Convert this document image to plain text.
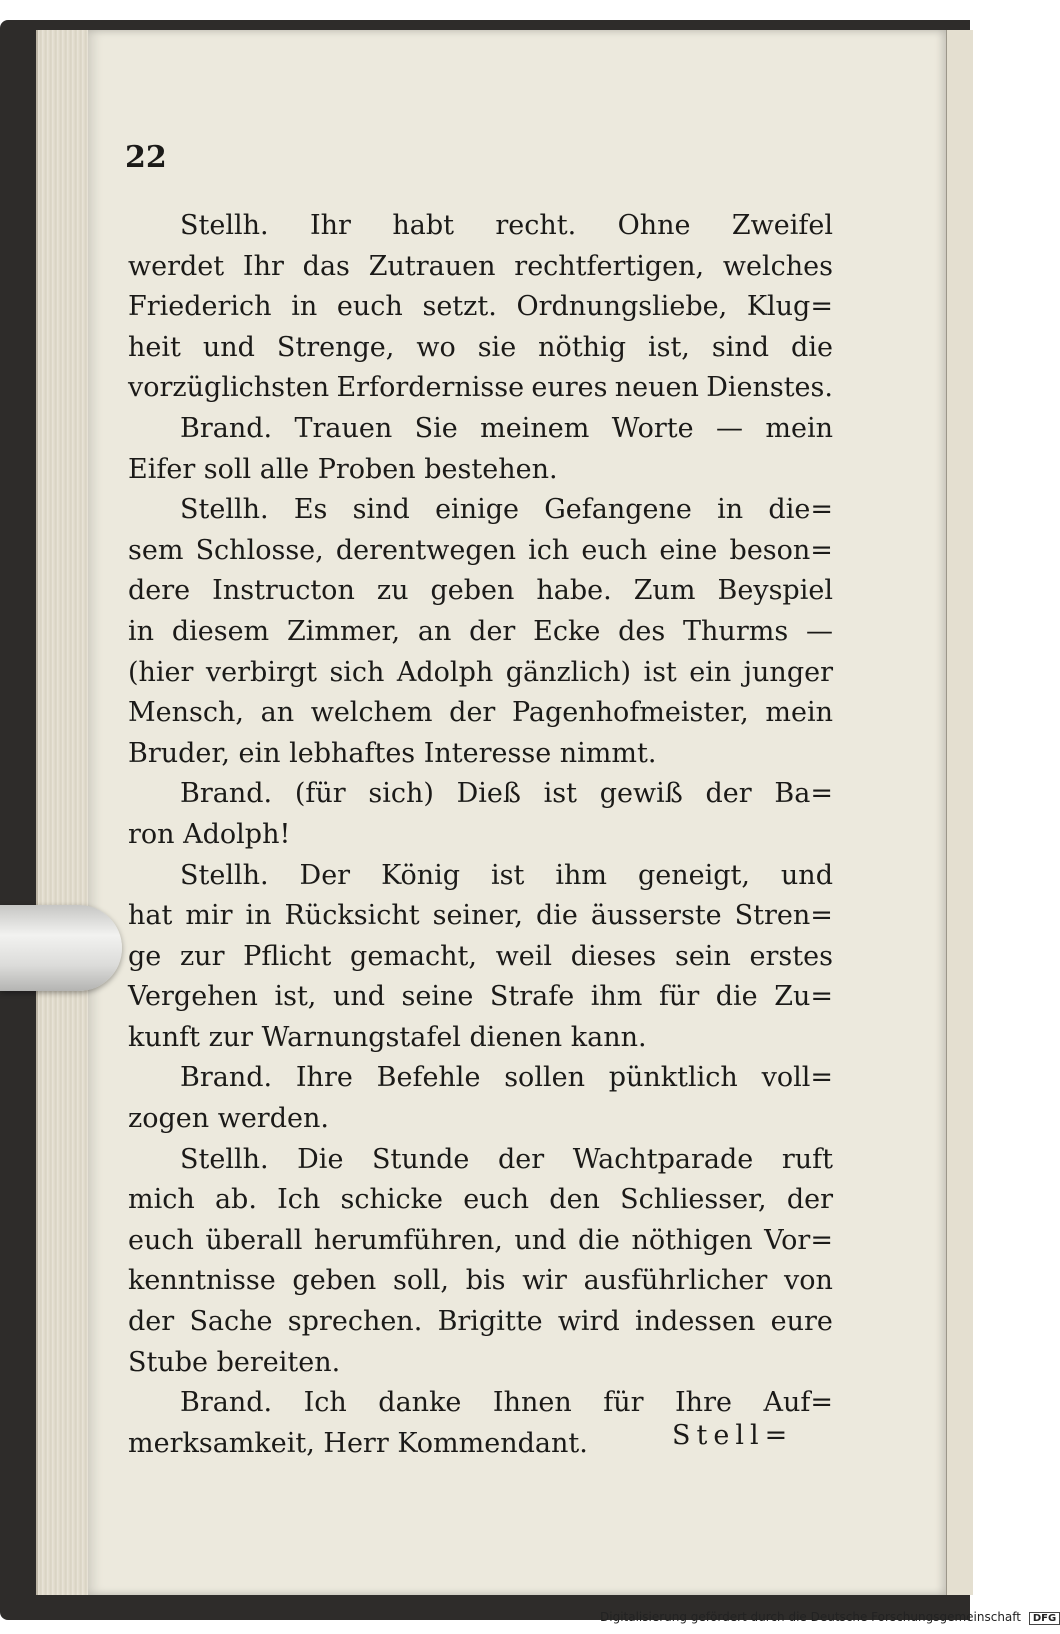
22
Stellh. Ihr habt recht. Ohne Zweifel
werdet Ihr das Zutrauen rechtfertigen, welches
Friederich in euch setzt. Ordnungsliebe, Klug=
heit und Strenge, wo sie nöthig ist, sind die
vorzüglichsten Erfordernisse eures neuen Dienstes.
Brand. Trauen Sie meinem Worte — mein
Eifer soll alle Proben bestehen.
Stellh. Es sind einige Gefangene in die=
sem Schlosse, derentwegen ich euch eine beson=
dere Instructon zu geben habe. Zum Beyspiel
in diesem Zimmer, an der Ecke des Thurms —
(hier verbirgt sich Adolph gänzlich) ist ein junger
Mensch, an welchem der Pagenhofmeister, mein
Bruder, ein lebhaftes Interesse nimmt.
Brand. (für sich) Dieß ist gewiß der Ba=
ron Adolph!
Stellh. Der König ist ihm geneigt, und
hat mir in Rücksicht seiner, die äusserste Stren=
ge zur Pflicht gemacht, weil dieses sein erstes
Vergehen ist, und seine Strafe ihm für die Zu=
kunft zur Warnungstafel dienen kann.
Brand. Ihre Befehle sollen pünktlich voll=
zogen werden.
Stellh. Die Stunde der Wachtparade ruft
mich ab. Ich schicke euch den Schliesser, der
euch überall herumführen, und die nöthigen Vor=
kenntnisse geben soll, bis wir ausführlicher von
der Sache sprechen. Brigitte wird indessen eure
Stube bereiten.
Brand. Ich danke Ihnen für Ihre Auf=
merksamkeit, Herr Kommendant.	Stell=
Digitalisierung gefördert durch die Deutsche Forschungsgemeinschaft DFG
